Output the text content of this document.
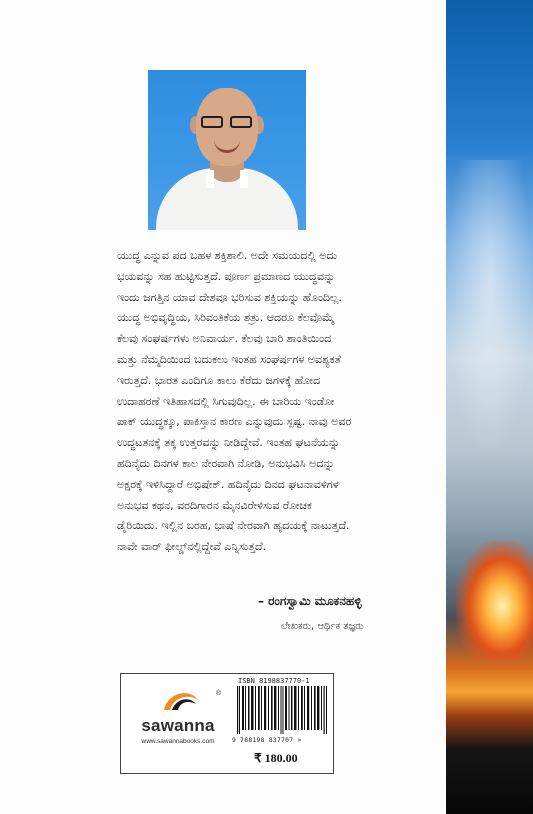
ಯುದ್ಧ ಎನ್ನುವ ಪದ ಬಹಳ ಶಕ್ತಿಶಾಲಿ. ಅದೇ ಸಮಯದಲ್ಲಿ ಅದು
ಭಯವನ್ನು ಸಹ ಹುಟ್ಟಿಸುತ್ತದೆ. ಪೂರ್ಣ ಪ್ರಮಾಣದ ಯುದ್ಧವನ್ನು
ಇಂದು ಜಗತ್ತಿನ ಯಾವ ದೇಶವೂ ಭರಿಸುವ ಶಕ್ತಿಯನ್ನು ಹೊಂದಿಲ್ಲ.
ಯುದ್ಧ ಅಭಿವೃದ್ಧಿಯ, ಸಿರಿವಂತಿಕೆಯ ಶತ್ರು. ಆದರೂ ಕೆಲವೊಮ್ಮೆ
ಕೆಲವು ಸಂಘರ್ಷಗಳು ಅನಿವಾರ್ಯ. ಕೆಲವು ಬಾರಿ ಶಾಂತಿಯಿಂದ
ಮತ್ತು ನೆಮ್ಮದಿಯಿಂದ ಬದುಕಲು ಇಂತಹ ಸಂಘರ್ಷಗಳ ಅವಶ್ಯಕತೆ
ಇರುತ್ತದೆ. ಭಾರತ ಎಂದಿಗೂ ಕಾಲು ಕೆರೆದು ಜಗಳಕ್ಕೆ ಹೋದ
ಉದಾಹರಣೆ ಇತಿಹಾಸದಲ್ಲಿ ಸಿಗುವುದಿಲ್ಲ. ಈ ಬಾರಿಯ ಇಂಡೋ
ಪಾಕ್ ಯುದ್ಧಕ್ಕೂ, ಪಾಕಿಸ್ತಾನ ಕಾರಣ ಎನ್ನುವುದು ಸ್ಪಷ್ಟ. ನಾವು ಅವರ
ಉದ್ಧಟತನಕ್ಕೆ ತಕ್ಕ ಉತ್ತರವನ್ನು ನೀಡಿದ್ದೇವೆ. ಇಂತಹ ಘಟನೆಯನ್ನು
ಹದಿನೈದು ದಿನಗಳ ಕಾಲ ನೇರವಾಗಿ ನೋಡಿ, ಅನುಭವಿಸಿ ಅದನ್ನು
ಅಕ್ಷರಕ್ಕೆ ಇಳಿಸಿದ್ದಾರೆ ಅಭಿಷೇಕ್. ಹದಿನೈದು ದಿನದ ಘಟನಾವಳಿಗಳ
ಅನುಭವ ಕಥನ, ವರದಿಗಾರನ ಮೈನವಿರೇಳಿಸುವ ರೋಚಕ
ಡೈರಿಯಿದು. ಇಲ್ಲಿನ ಬರಹ, ಭಾಷೆ ನೇರವಾಗಿ ಹೃದಯಕ್ಕೆ ನಾಟುತ್ತದೆ.
ನಾವೇ ವಾರ್ ಫೀಲ್ಡ್‌ನಲ್ಲಿದ್ದೇವೆ ಎನ್ನಿಸುತ್ತದೆ.
– ರಂಗಸ್ವಾಮಿ ಮೂಕನಹಳ್ಳಿ
ಲೇಖಕರು, ಆರ್ಥಿಕ ತಜ್ಞರು
®
sawanna
www.sawannabooks.com
ISBN 8198837770-1
9 788198 837707 >
₹ 180.00
